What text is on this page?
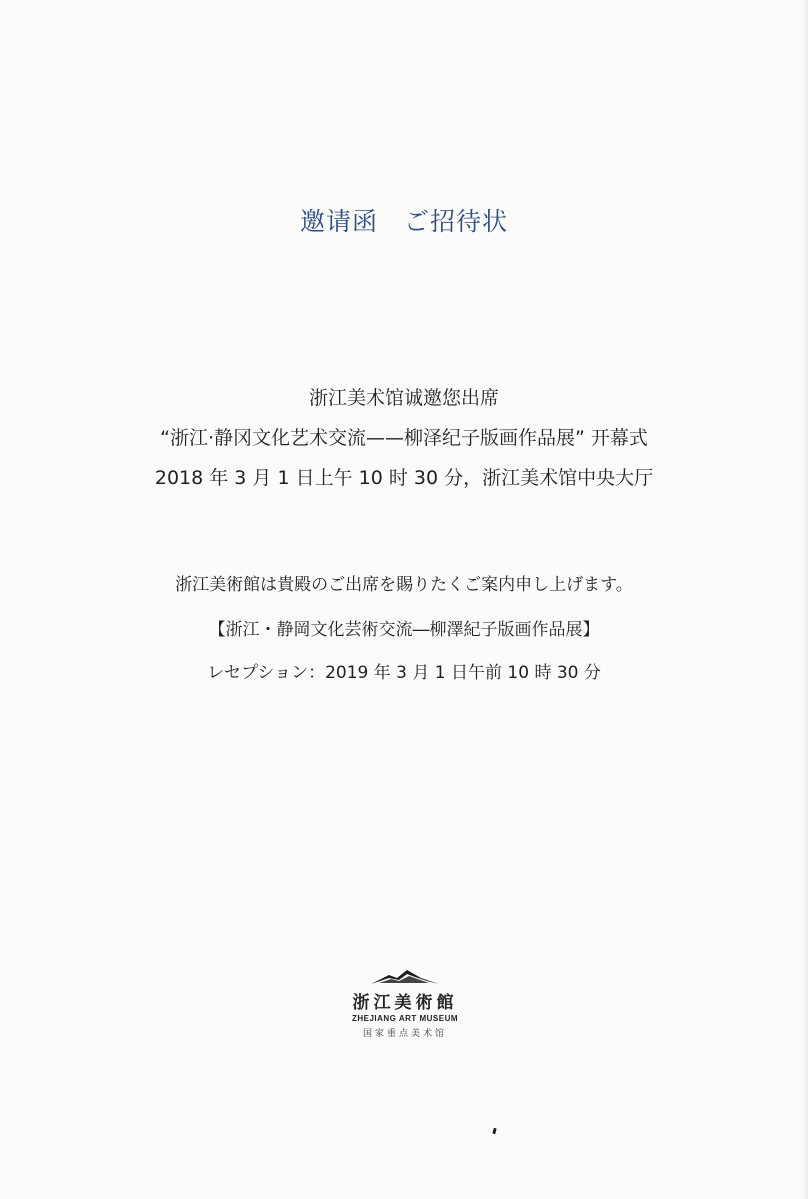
邀请函　ご招待状
浙江美术馆诚邀您出席
“浙江·静冈文化艺术交流——柳泽纪子版画作品展” 开幕式
2018 年 3 月 1 日上午 10 时 30 分，浙江美术馆中央大厅
浙江美術館は貴殿のご出席を賜りたくご案内申し上げます。
【浙江・静岡文化芸術交流―柳澤紀子版画作品展】
レセプション：2019 年 3 月 1 日午前 10 時 30 分
浙江美術館
ZHEJIANG ART MUSEUM
国家重点美术馆
